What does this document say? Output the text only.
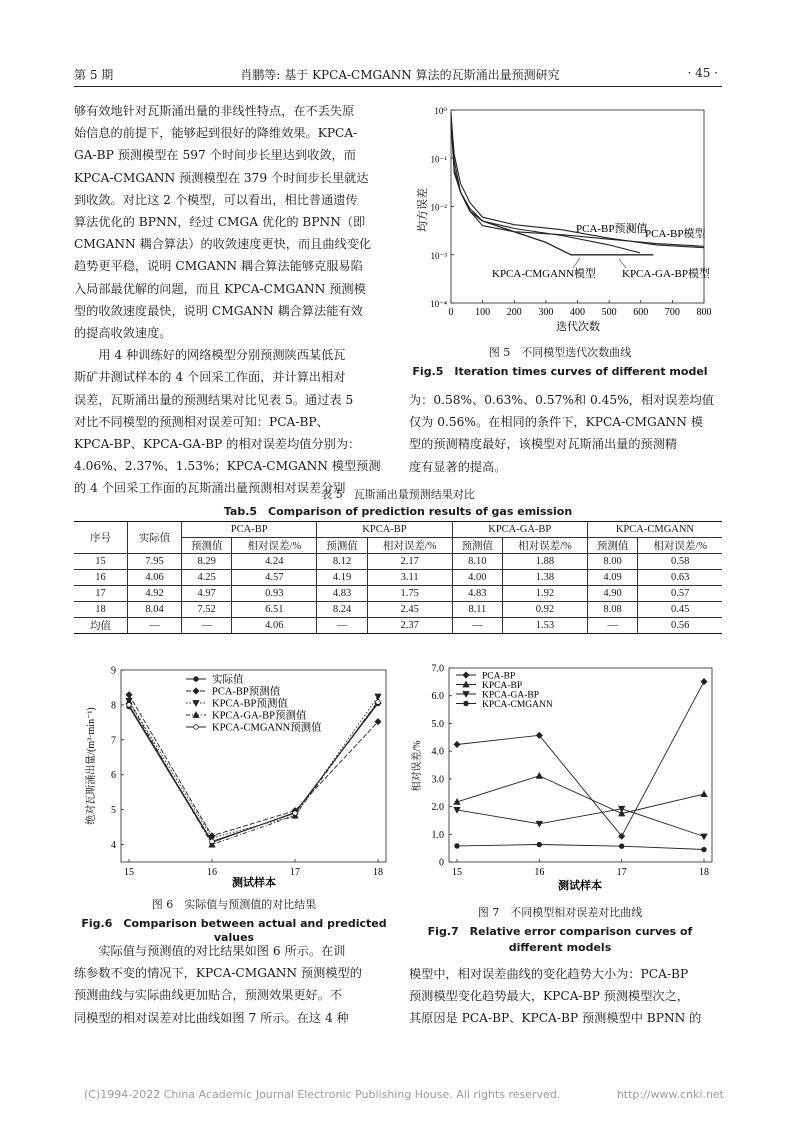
第 5 期	肖鹏等: 基于 KPCA-CMGANN 算法的瓦斯涌出量预测研究	· 45 ·

够有效地针对瓦斯涌出量的非线性特点，在不丢失原

始信息的前提下，能够起到很好的降维效果。KPCA-

GA-BP 预测模型在 597 个时间步长里达到收敛，而

KPCA-CMGANN 预测模型在 379 个时间步长里就达

到收敛。对比这 2 个模型，可以看出，相比普通遗传

算法优化的 BPNN，经过 CMGA 优化的 BPNN（即

CMGANN 耦合算法）的收敛速度更快，而且曲线变化

趋势更平稳，说明 CMGANN 耦合算法能够克服易陷

入局部最优解的问题，而且 KPCA-CMGANN 预测模

型的收敛速度最快，说明 CMGANN 耦合算法能有效

的提高收敛速度。

　　用 4 种训练好的网络模型分别预测陕西某低瓦

斯矿井测试样本的 4 个回采工作面，并计算出相对

误差，瓦斯涌出量的预测结果对比见表 5。通过表 5

对比不同模型的预测相对误差可知：PCA-BP、

KPCA-BP、KPCA-GA-BP 的相对误差均值分别为：

4.06%、2.37%、1.53%；KPCA-CMGANN 模型预测

的 4 个回采工作面的瓦斯涌出量预测相对误差分别

0 100 200 300 400 500 600 700 800
10⁰
10⁻¹
10⁻²
10⁻³
10⁻⁴
PCA-BP预测值
PCA-BP模型
KPCA-CMGANN模型 KPCA-GA-BP模型
均方误差
迭代次数
图 5　不同模型迭代次数曲线
Fig.5　Iteration times curves of different model

为：0.58%、0.63%、0.57%和 0.45%，相对误差均值

仅为 0.56%。在相同的条件下，KPCA-CMGANN 模

型的预测精度最好，该模型对瓦斯涌出量的预测精

度有显著的提高。

表 5　瓦斯涌出量预测结果对比
Tab.5　Comparison of prediction results of gas emission
序号	实际值	PCA-BP		KPCA-BP		KPCA-GA-BP		KPCA-CMGANN	
		预测值	相对误差/%	预测值	相对误差/%	预测值	相对误差/%	预测值	相对误差/%
15	7.95	8.29	4.24	8.12	2.17	8.10	1.88	8.00	0.58
16	4.06	4.25	4.57	4.19	3.11	4.00	1.38	4.09	0.63
17	4.92	4.97	0.93	4.83	1.75	4.83	1.92	4.90	0.57
18	8.04	7.52	6.51	8.24	2.45	8.11	0.92	8.08	0.45
均值	—	—	4.06	—	2.37	—	1.53	—	0.56
15	16	17	18
4
5
6
7
8
9
实际值
PCA-BP预测值
KPCA-BP预测值
KPCA-GA-BP预测值
KPCA-CMGANN预测值
绝对瓦斯涌出量/(m³·min⁻¹)
测试样本
图 6　实际值与预测值的对比结果
Fig.6　Comparison between actual and predicted values
15	16	17	18
0
1.0
2.0
3.0
4.0
5.0
6.0
7.0
PCA-BP
KPCA-BP
KPCA-GA-BP
KPCA-CMGANN
相对误差/%
测试样本
图 7　不同模型相对误差对比曲线
Fig.7　Relative error comparison curves of
different models

　　实际值与预测值的对比结果如图 6 所示。在训

练参数不变的情况下，KPCA-CMGANN 预测模型的

预测曲线与实际曲线更加贴合，预测效果更好。不

同模型的相对误差对比曲线如图 7 所示。在这 4 种

模型中，相对误差曲线的变化趋势大小为：PCA-BP

预测模型变化趋势最大，KPCA-BP 预测模型次之，

其原因是 PCA-BP、KPCA-BP 预测模型中 BPNN 的

(C)1994-2022 China Academic Journal Electronic Publishing House. All rights reserved.	http://www.cnki.net
